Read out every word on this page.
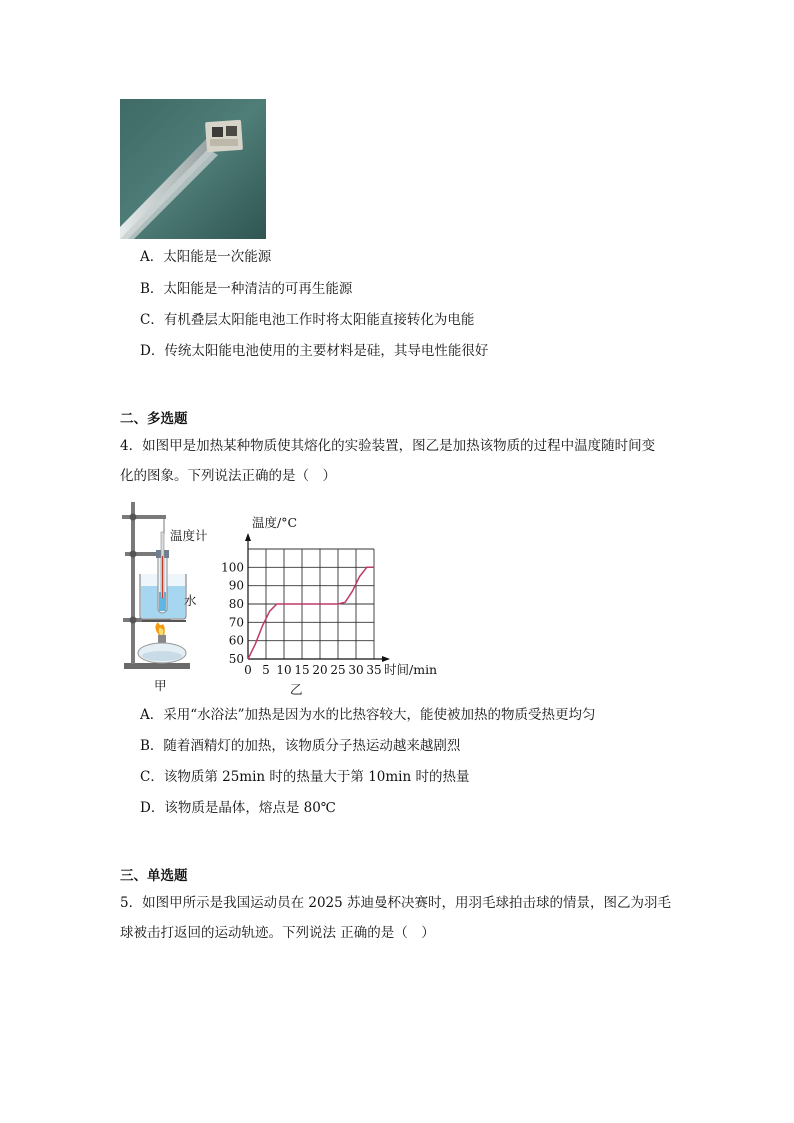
A．太阳能是一次能源
B．太阳能是一种清洁的可再生能源
C．有机叠层太阳能电池工作时将太阳能直接转化为电能
D．传统太阳能电池使用的主要材料是硅，其导电性能很好
二、多选题
4．如图甲是加热某种物质使其熔化的实验装置，图乙是加热该物质的过程中温度随时间变
化的图象。下列说法正确的是（　）
温度计
水
甲
0 5 10 15 20 25 30 35
50
60
70
80
90
100
温度/°C
时间/min
乙
A．采用“水浴法”加热是因为水的比热容较大，能使被加热的物质受热更均匀
B．随着酒精灯的加热，该物质分子热运动越来越剧烈
C．该物质第 25min 时的热量大于第 10min 时的热量
D．该物质是晶体，熔点是 80℃
三、单选题
5．如图甲所示是我国运动员在 2025 苏迪曼杯决赛时，用羽毛球拍击球的情景，图乙为羽毛
球被击打返回的运动轨迹。下列说法 正确的是（　）
